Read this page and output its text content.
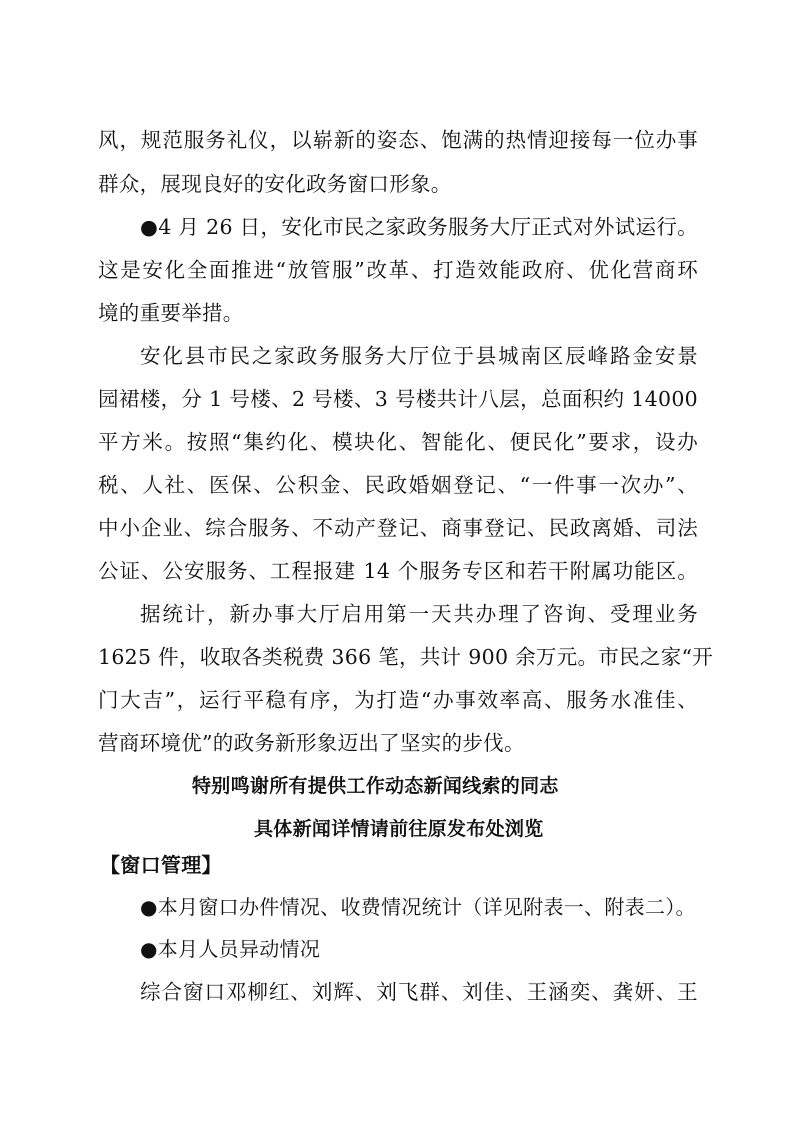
风，规范服务礼仪，以崭新的姿态、饱满的热情迎接每一位办事
群众，展现良好的安化政务窗口形象。
●4 月 26 日，安化市民之家政务服务大厅正式对外试运行。
这是安化全面推进“放管服”改革、打造效能政府、优化营商环
境的重要举措。
安化县市民之家政务服务大厅位于县城南区辰峰路金安景
园裙楼，分 1 号楼、2 号楼、3 号楼共计八层，总面积约 14000
平方米。按照“集约化、模块化、智能化、便民化”要求，设办
税、人社、医保、公积金、民政婚姻登记、“一件事一次办”、
中小企业、综合服务、不动产登记、商事登记、民政离婚、司法
公证、公安服务、工程报建 14 个服务专区和若干附属功能区。
据统计，新办事大厅启用第一天共办理了咨询、受理业务
1625 件，收取各类税费 366 笔，共计 900 余万元。市民之家“开
门大吉”，运行平稳有序，为打造“办事效率高、服务水准佳、
营商环境优”的政务新形象迈出了坚实的步伐。
特别鸣谢所有提供工作动态新闻线索的同志
具体新闻详情请前往原发布处浏览
【窗口管理】
●本月窗口办件情况、收费情况统计（详见附表一、附表二）。
●本月人员异动情况
综合窗口邓柳红、刘辉、刘飞群、刘佳、王涵奕、龚妍、王
